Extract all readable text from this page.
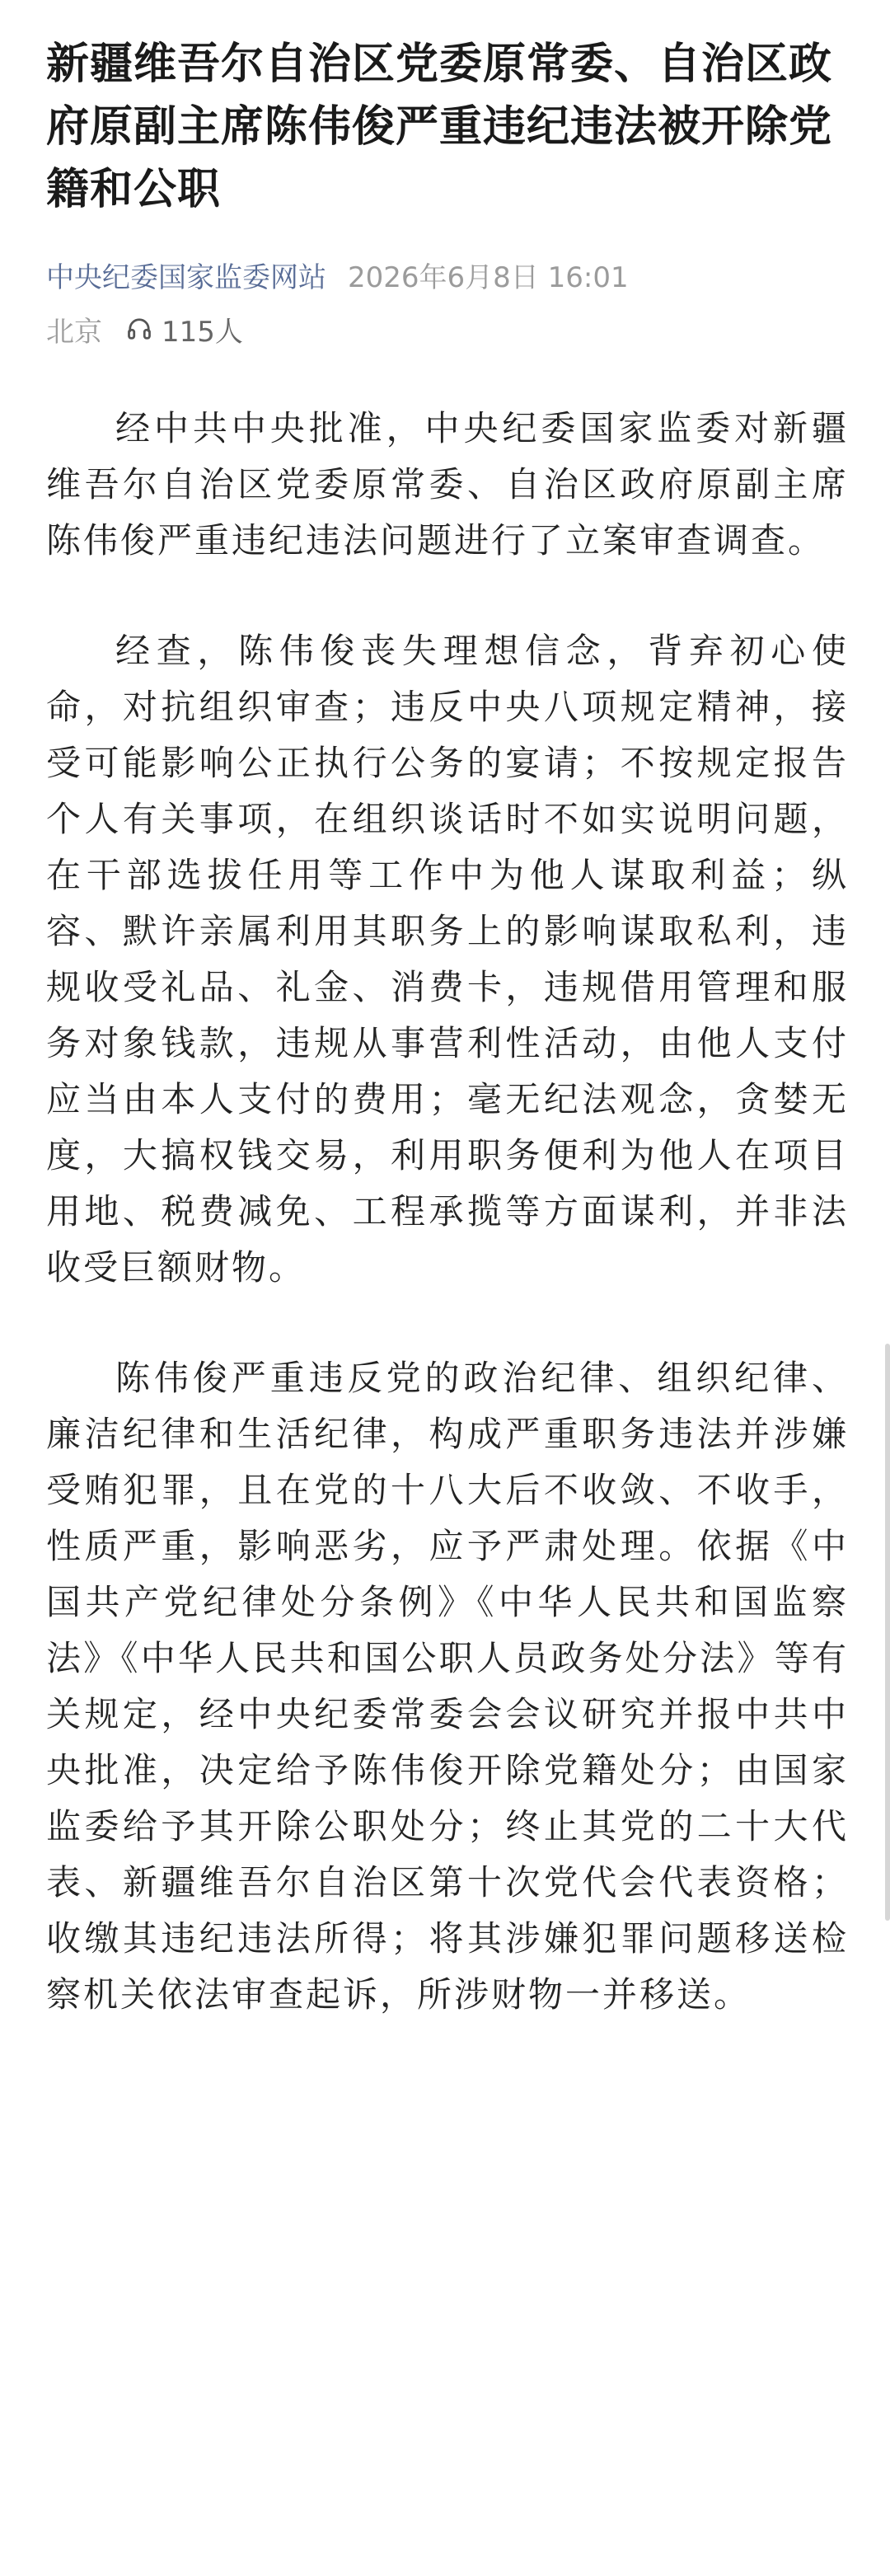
新疆维吾尔自治区党委原常委、自治区政府原副主席陈伟俊严重违纪违法被开除党籍和公职
中央纪委国家监委网站 2026年6月8日 16:01
北京 115人

经中共中央批准，中央纪委国家监委对新疆维吾尔自治区党委原常委、自治区政府原副主席陈伟俊严重违纪违法问题进行了立案审查调查。

经查，陈伟俊丧失理想信念，背弃初心使命，对抗组织审查；违反中央八项规定精神，接受可能影响公正执行公务的宴请；不按规定报告个人有关事项，在组织谈话时不如实说明问题，在干部选拔任用等工作中为他人谋取利益；纵容、默许亲属利用其职务上的影响谋取私利，违规收受礼品、礼金、消费卡，违规借用管理和服务对象钱款，违规从事营利性活动，由他人支付应当由本人支付的费用；毫无纪法观念，贪婪无度，大搞权钱交易，利用职务便利为他人在项目用地、税费减免、工程承揽等方面谋利，并非法收受巨额财物。

陈伟俊严重违反党的政治纪律、组织纪律、廉洁纪律和生活纪律，构成严重职务违法并涉嫌受贿犯罪，且在党的十八大后不收敛、不收手，性质严重，影响恶劣，应予严肃处理。依据《中国共产党纪律处分条例》《中华人民共和国监察法》《中华人民共和国公职人员政务处分法》等有关规定，经中央纪委常委会会议研究并报中共中央批准，决定给予陈伟俊开除党籍处分；由国家监委给予其开除公职处分；终止其党的二十大代表、新疆维吾尔自治区第十次党代会代表资格；收缴其违纪违法所得；将其涉嫌犯罪问题移送检察机关依法审查起诉，所涉财物一并移送。
